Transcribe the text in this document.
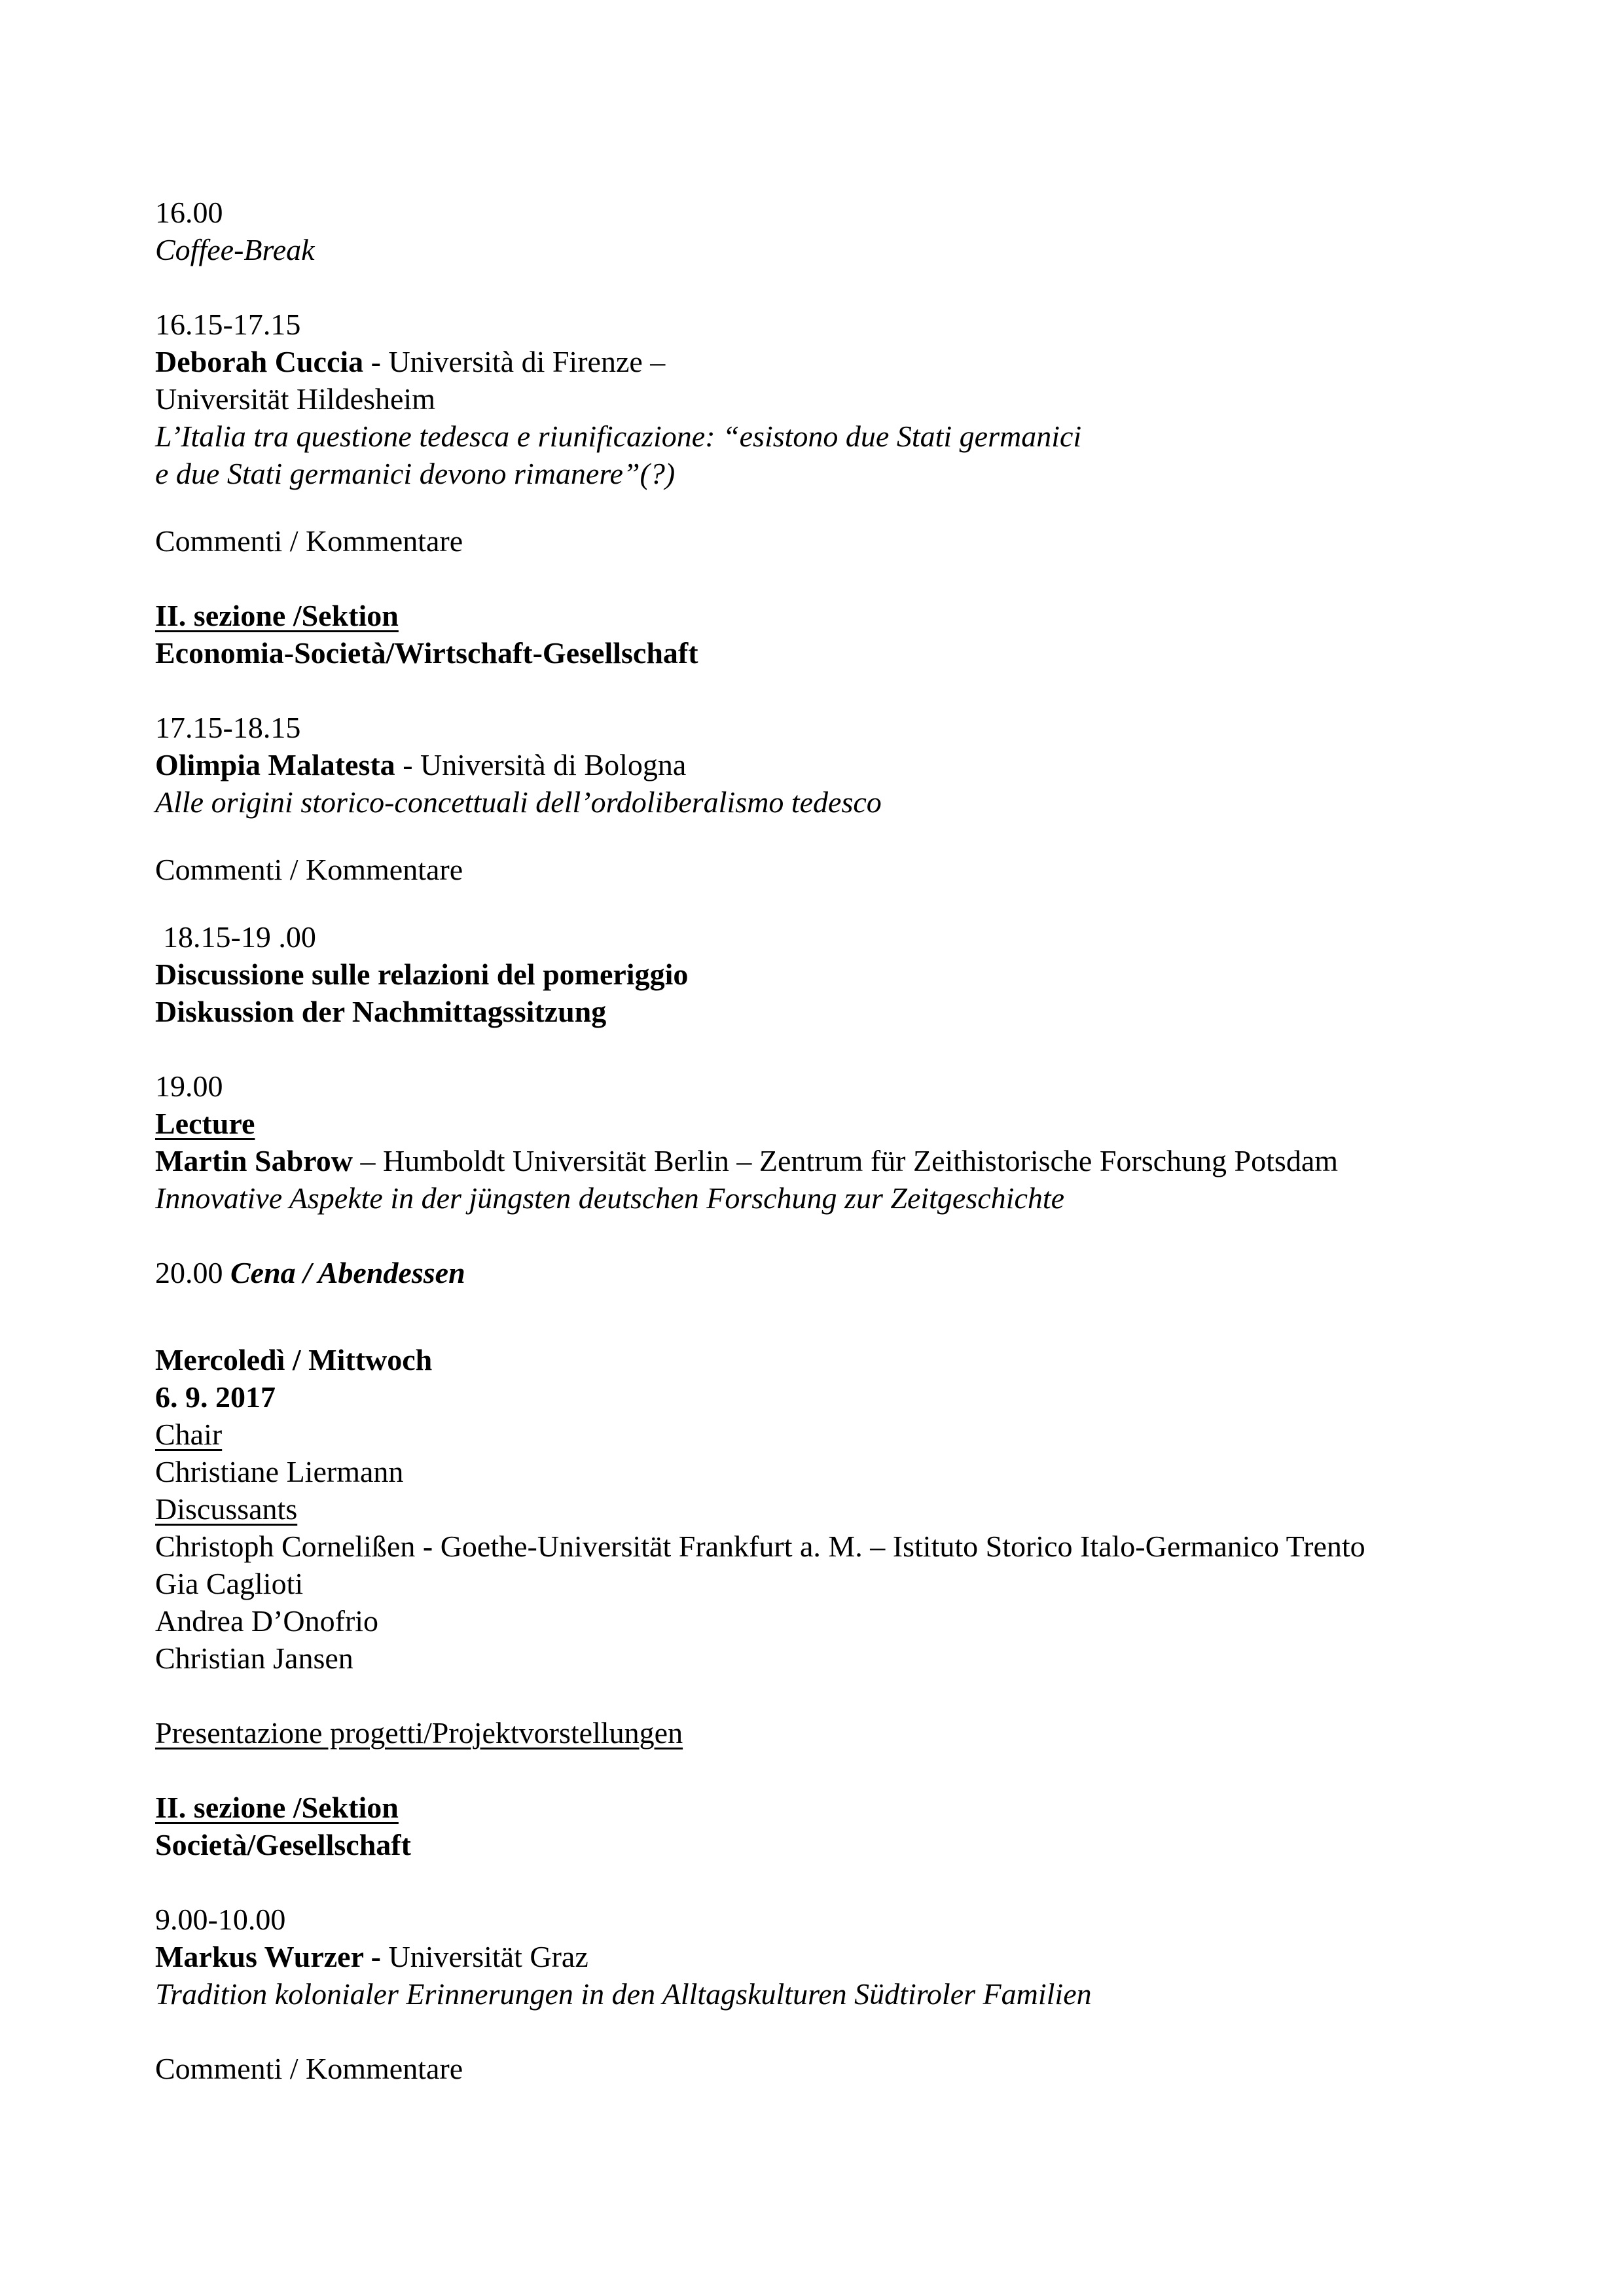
16.00

Coffee-Break

16.15-17.15

Deborah Cuccia - Università di Firenze –

Universität Hildesheim

L’Italia tra questione tedesca e riunificazione: “esistono due Stati germanici

e due Stati germanici devono rimanere”(?)

Commenti / Kommentare

II. sezione /Sektion

Economia-Società/Wirtschaft-Gesellschaft

17.15-18.15

Olimpia Malatesta - Università di Bologna

Alle origini storico-concettuali dell’ordoliberalismo tedesco

Commenti / Kommentare

18.15-19 .00

Discussione sulle relazioni del pomeriggio

Diskussion der Nachmittagssitzung

19.00

Lecture

Martin Sabrow – Humboldt Universität Berlin – Zentrum für Zeithistorische Forschung Potsdam

Innovative Aspekte in der jüngsten deutschen Forschung zur Zeitgeschichte

20.00 Cena / Abendessen

Mercoledì / Mittwoch

6. 9. 2017

Chair

Christiane Liermann

Discussants

Christoph Cornelißen - Goethe-Universität Frankfurt a. M. – Istituto Storico Italo-Germanico Trento

Gia Caglioti

Andrea D’Onofrio

Christian Jansen

Presentazione progetti/Projektvorstellungen

II. sezione /Sektion

Società/Gesellschaft

9.00-10.00

Markus Wurzer - Universität Graz

Tradition kolonialer Erinnerungen in den Alltagskulturen Südtiroler Familien

Commenti / Kommentare
